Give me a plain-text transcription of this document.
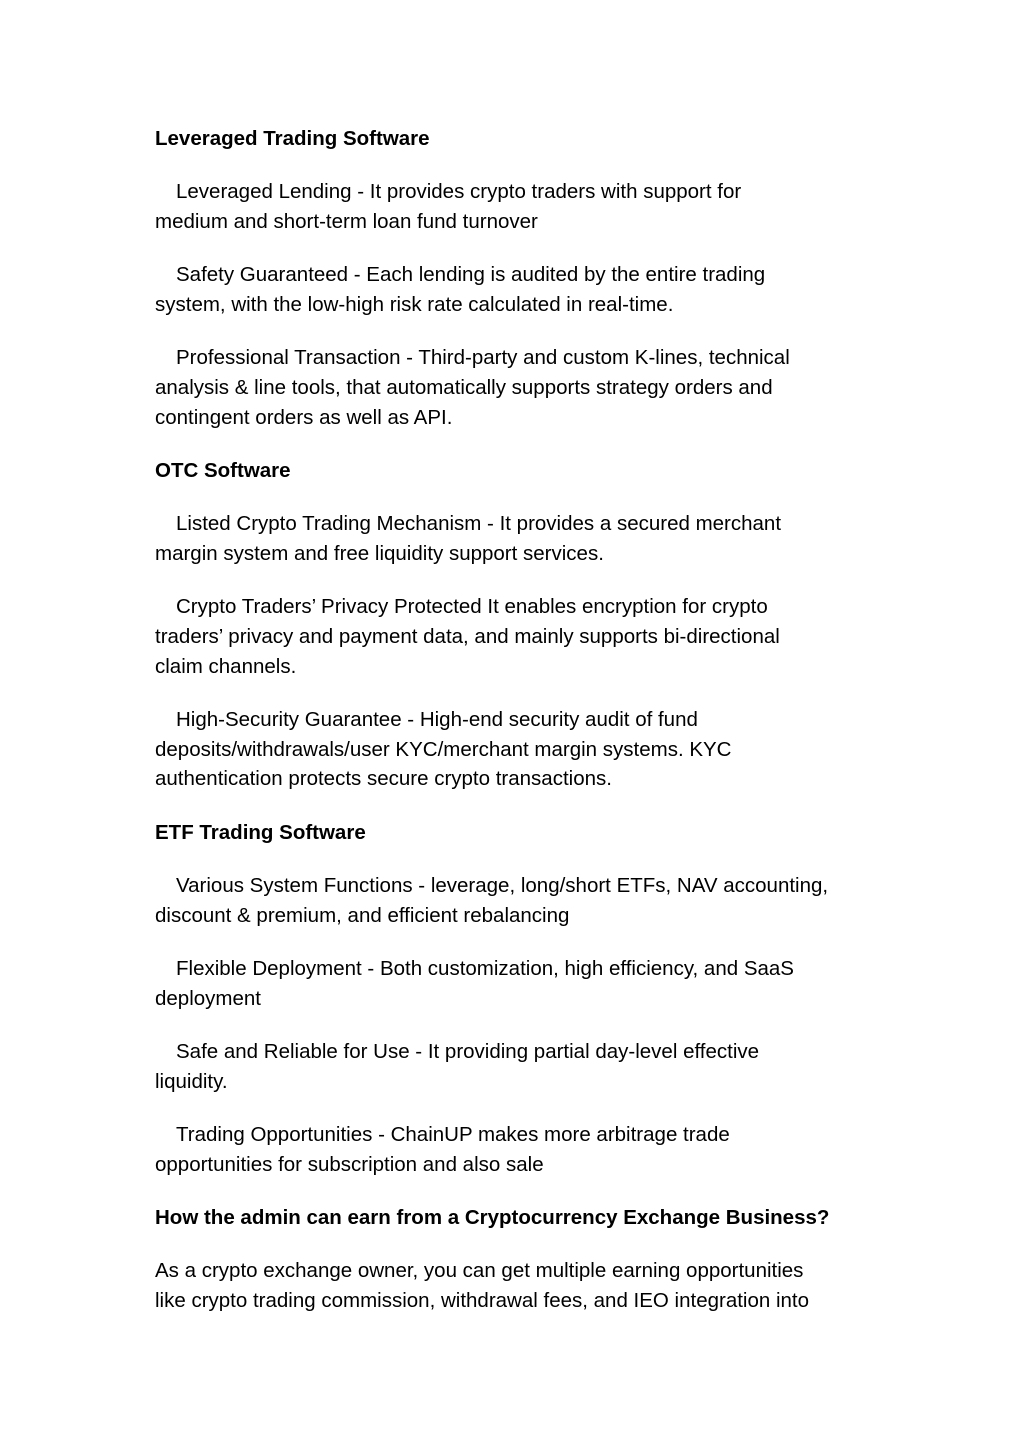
Leveraged Trading Software
Leveraged Lending - It provides crypto traders with support for
medium and short-term loan fund turnover
Safety Guaranteed - Each lending is audited by the entire trading
system, with the low-high risk rate calculated in real-time.
Professional Transaction - Third-party and custom K-lines, technical
analysis & line tools, that automatically supports strategy orders and
contingent orders as well as API.
OTC Software
Listed Crypto Trading Mechanism - It provides a secured merchant
margin system and free liquidity support services.
Crypto Traders’ Privacy Protected It enables encryption for crypto
traders’ privacy and payment data, and mainly supports bi-directional
claim channels.
High-Security Guarantee - High-end security audit of fund
deposits/withdrawals/user KYC/merchant margin systems. KYC
authentication protects secure crypto transactions.
ETF Trading Software
Various System Functions - leverage, long/short ETFs, NAV accounting,
discount & premium, and efficient rebalancing
Flexible Deployment - Both customization, high efficiency, and SaaS
deployment
Safe and Reliable for Use - It providing partial day-level effective
liquidity.
Trading Opportunities - ChainUP makes more arbitrage trade
opportunities for subscription and also sale
How the admin can earn from a Cryptocurrency Exchange Business?
As a crypto exchange owner, you can get multiple earning opportunities
like crypto trading commission, withdrawal fees, and IEO integration into
